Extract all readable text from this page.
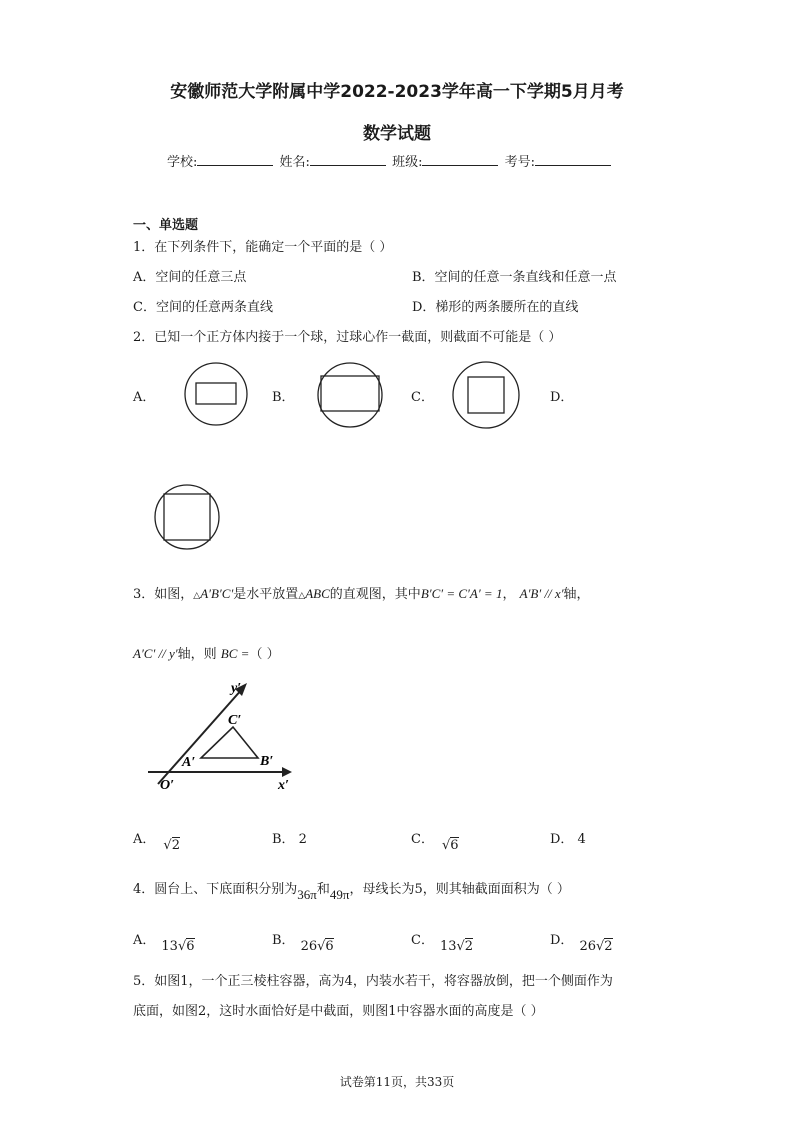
安徽师范大学附属中学2022-2023学年高一下学期5月月考
数学试题
学校:	姓名:	班级:	考号:
一、单选题
1．在下列条件下，能确定一个平面的是（ ）
A．空间的任意三点	B．空间的任意一条直线和任意一点
C．空间的任意两条直线	D．梯形的两条腰所在的直线
2．已知一个正方体内接于一个球，过球心作一截面，则截面不可能是（ ）
A．	B．	C．	D．
3．如图，△A′B′C′是水平放置△ABC的直观图，其中B′C′ = C′A′ = 1， A′B′ // x′轴，
A′C′ // y′轴，则 BC =（ ）
y′
x′
O′
A′	B′
C′
A． √2	B． 2	C． √6	D． 4
4．圆台上、下底面积分别为36π和49π，母线长为5，则其轴截面面积为（ ）
A． 13√6	B． 26√6	C． 13√2	D． 26√2
5．如图1，一个正三棱柱容器，高为4，内装水若干，将容器放倒，把一个侧面作为
底面，如图2，这时水面恰好是中截面，则图1中容器水面的高度是（ ）
试卷第11页，共33页
